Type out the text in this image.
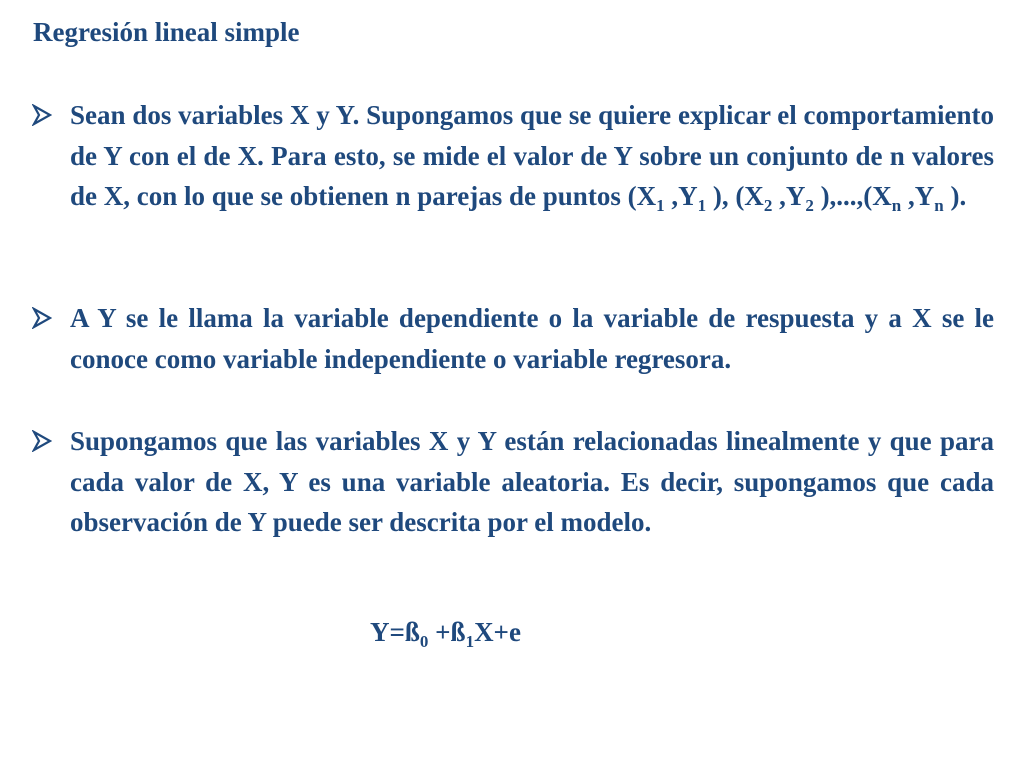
Regresión lineal simple
Sean dos variables X y Y. Supongamos que se quiere explicar el comportamiento de Y con el de X. Para esto, se mide el valor de Y sobre un conjunto de n valores de X, con lo que se obtienen n parejas de puntos ($X_1$ $,Y_1$ ), ($X_2$ $,Y_2$ )$,...,(X_n$ $,Y_n$ ).
A Y se le llama la variable dependiente o la variable de respuesta y a X se le conoce como variable independiente o variable regresora.
Supongamos que las variables X y Y están relacionadas linealmente y que para cada valor de X, Y es una variable aleatoria. Es decir, supongamos que cada observación de Y puede ser descrita por el modelo.
$Y=ß_0$ $+ß_1X+e$
